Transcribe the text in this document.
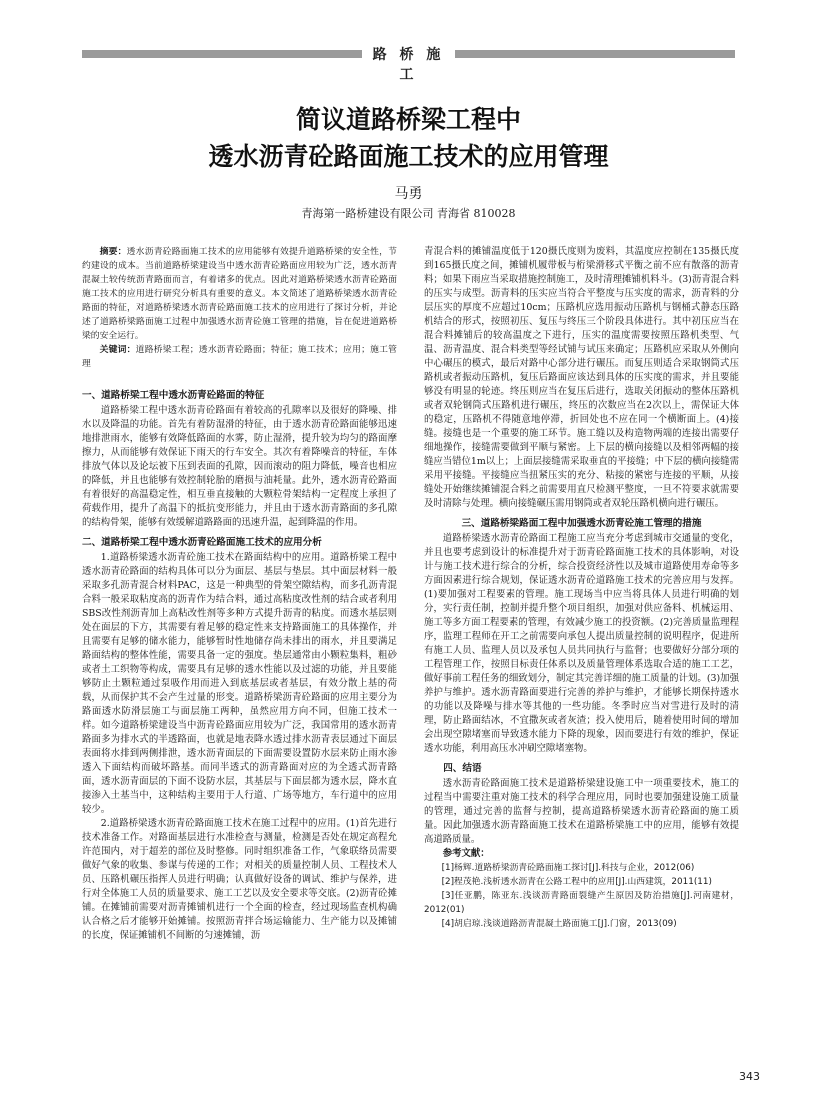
路 桥 施 工
简议道路桥梁工程中
透水沥青砼路面施工技术的应用管理
马勇
青海第一路桥建设有限公司 青海省 810028

摘要：透水沥青砼路面施工技术的应用能够有效提升道路桥梁的安全性，节约建设的成本。当前道路桥梁建设当中透水沥青砼路面应用较为广泛，透水沥青混凝土较传统沥青路面而言，有着诸多的优点。因此对道路桥梁透水沥青砼路面施工技术的应用进行研究分析具有重要的意义。本文简述了道路桥梁透水沥青砼路面的特征，对道路桥梁透水沥青砼路面施工技术的应用进行了探讨分析，并论述了道路桥梁路面施工过程中加强透水沥青砼施工管理的措施，旨在促进道路桥梁的安全运行。

关键词：道路桥梁工程；透水沥青砼路面；特征；施工技术；应用；施工管理

一、道路桥梁工程中透水沥青砼路面的特征

道路桥梁工程中透水沥青砼路面有着较高的孔隙率以及很好的降噪、排水以及降温的功能。首先有着防湿滑的特征，由于透水沥青砼路面能够迅速地排泄雨水，能够有效降低路面的水雾，防止湿滑，提升较为均匀的路面摩擦力，从而能够有效保证下雨天的行车安全。其次有着降噪音的特征，车体排放气体以及论坛被下压到表面的孔隙，因而滚动的阻力降低，噪音也相应的降低，并且也能够有效控制轮胎的磨损与油耗量。此外，透水沥青砼路面有着很好的高温稳定性，相互垂直接触的大颗粒骨架结构一定程度上承担了荷载作用，提升了高温下的抵抗变形能力，并且由于透水沥青路面的多孔隙的结构骨架，能够有效缓解道路路面的迅速升温，起到降温的作用。

二、道路桥梁工程中透水沥青砼路面施工技术的应用分析

1.道路桥梁透水沥青砼施工技术在路面结构中的应用。道路桥梁工程中透水沥青砼路面的结构具体可以分为面层、基层与垫层。其中面层材料一般采取多孔沥青混合材料PAC，这是一种典型的骨架空隙结构，而多孔沥青混合料一般采取粘度高的沥青作为结合料，通过高粘度改性剂的结合或者利用SBS改性剂沥青加上高粘改性剂等多种方式提升沥青的粘度。而透水基层则处在面层的下方，其需要有着足够的稳定性来支持路面施工的具体操作，并且需要有足够的储水能力，能够暂时性地储存尚未排出的雨水，并且要满足路面结构的整体性能，需要具备一定的强度。垫层通常由小颗粒集料，粗砂或者土工织物等构成，需要具有足够的透水性能以及过滤的功能，并且要能够防止土颗粒通过泵吸作用而进入到底基层或者基层，有效分散上基的荷载，从而保护其不会产生过量的形变。道路桥梁沥青砼路面的应用主要分为路面透水防滑层施工与面层施工两种，虽然应用方向不同，但施工技术一样。如今道路桥梁建设当中沥青砼路面应用较为广泛，我国常用的透水沥青路面多为排水式的半透路面，也就是地表降水透过排水沥青表层通过下面层表面将水排到两侧排泄，透水沥青面层的下面需要设置防水层来防止雨水渗透入下面结构而破坏路基。而同半透式的沥青路面对应的为全透式沥青路面，透水沥青面层的下面不设防水层，其基层与下面层都为透水层，降水直接渗入土基当中，这种结构主要用于人行道、广场等地方，车行道中的应用较少。

2.道路桥梁透水沥青砼路面施工技术在施工过程中的应用。(1)首先进行技术准备工作。对路面基层进行水准检查与测量，检测是否处在规定高程允许范围内，对于超差的部位及时整修。同时组织准备工作，气象联络员需要做好气象的收集、参谋与传递的工作；对相关的质量控制人员、工程技术人员、压路机碾压指挥人员进行明确；认真做好设备的调试、维护与保养，进行对全体施工人员的质量要求、施工工艺以及安全要求等交底。(2)沥青砼摊铺。在摊铺前需要对沥青摊铺机进行一个全面的检查，经过现场监查机构确认合格之后才能够开始摊铺。按照沥青拌合场运输能力、生产能力以及摊铺的长度，保证摊铺机不间断的匀速摊铺，沥

青混合料的摊铺温度低于120摄氏度则为废料，其温度应控制在135摄氏度到165摄氏度之间，摊铺机履带板与桁梁滑移式平衡之前不应有散落的沥青料；如果下雨应当采取措施控制施工，及时清理摊铺机料斗。(3)沥青混合料的压实与成型。沥青料的压实应当符合平整度与压实度的需求，沥青料的分层压实的厚度不应超过10cm；压路机应选用振动压路机与钢桶式静态压路机结合的形式，按照初压、复压与终压三个阶段具体进行。其中初压应当在混合料摊铺后的较高温度之下进行，压实的温度需要按照压路机类型、气温、沥青温度、混合料类型等经试铺与试压来确定；压路机应采取从外侧向中心碾压的模式，最后对路中心部分进行碾压。而复压则适合采取钢筒式压路机或者振动压路机，复压后路面应该达到具体的压实度的需求，并且要能够没有明显的轮迹。终压则应当在复压后进行，选取关闭振动的整体压路机或者双轮钢筒式压路机进行碾压，终压的次数应当在2次以上，需保证大体的稳定，压路机不得随意地停滞，折回处也不应在同一个横断面上。(4)接缝。接缝也是一个重要的施工环节。施工缝以及构造物两端的连接出需要仔细地操作，接缝需要做到平顺与紧密。上下层的横向接缝以及相邻两幅的接缝应当错位1m以上；上面层接缝需采取垂直的平接缝；中下层的横向接缝需采用平接缝。平接缝应当扭紧压实的充分、粘接的紧密与连接的平顺，从接缝处开始继续摊铺混合料之前需要用直尺检测平整度，一旦不符要求就需要及时清除与处理。横向接缝碾压需用钢筒或者双轮压路机横向进行碾压。

三、道路桥梁路面工程中加强透水沥青砼施工管理的措施

道路桥梁透水沥青砼路面工程施工应当充分考虑到城市交通量的变化，并且也要考虑到设计的标准提升对于沥青砼路面施工技术的具体影响，对设计与施工技术进行综合的分析，综合投资经济性以及城市道路使用寿命等多方面因素进行综合规划，保证透水沥青砼道路施工技术的完善应用与发挥。(1)要加强对工程要素的管理。施工现场当中应当将具体人员进行明确的划分，实行责任制，控制并提升整个项目组织，加强对供应备料、机械运用、施工等多方面工程要素的管理，有效减少施工的投资额。(2)完善质量监理程序，监理工程师在开工之前需要向承包人提出质量控制的说明程序，促进所有施工人员、监理人员以及承包人员共同执行与监督；也要做好分部分项的工程管理工作，按照目标责任体系以及质量管理体系选取合适的施工工艺，做好事前工程任务的细致划分，制定其完善详细的施工质量的计划。(3)加强养护与维护。透水沥青路面要进行完善的养护与维护，才能够长期保持透水的功能以及降噪与排水等其他的一些功能。冬季时应当对雪进行及时的清理，防止路面结冰，不宜撒灰或者灰渣；投入使用后，随着使用时间的增加会出现空隙堵塞而导致透水能力下降的现象，因而要进行有效的维护，保证透水功能，利用高压水冲刷空隙堵塞物。

四、结语

透水沥青砼路面施工技术是道路桥梁建设施工中一项重要技术，施工的过程当中需要注重对施工技术的科学合理应用，同时也要加强建设施工质量的管理，通过完善的监督与控制，提高道路桥梁透水沥青砼路面的施工质量。因此加强透水沥青路面施工技术在道路桥梁施工中的应用，能够有效提高道路质量。

参考文献：

[1]杨辉.道路桥梁沥青砼路面施工探讨[J].科技与企业，2012(06)

[2]程茂艳.浅析透水沥青在公路工程中的应用[J].山西建筑，2011(11)

[3]任亚鹏，陈亚东.浅谈沥青路面裂缝产生原因及防治措施[J].河南建材，2012(01)

[4]胡启琼.浅谈道路沥青混凝土路面施工[J].门窗，2013(09)

343
